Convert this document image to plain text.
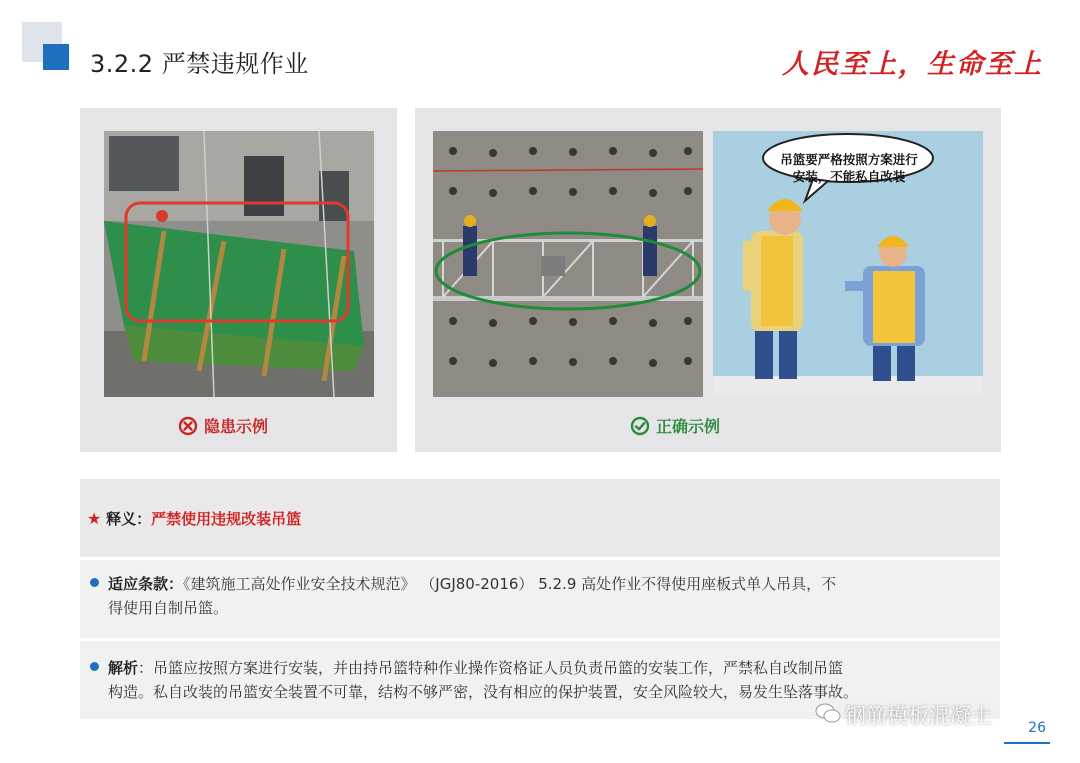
3.2.2 严禁违规作业	人民至上，生命至上
隐患示例
吊篮要严格按照方案进行
安装，不能私自改装
正确示例
★ 释义：严禁使用违规改装吊篮
适应条款：《建筑施工高处作业安全技术规范》 （JGJ80-2016） 5.2.9 高处作业不得使用座板式单人吊具，不
得使用自制吊篮。
解析：吊篮应按照方案进行安装，并由持吊篮特种作业操作资格证人员负责吊篮的安装工作，严禁私自改制吊篮
构造。私自改装的吊篮安全装置不可靠，结构不够严密，没有相应的保护装置，安全风险较大，易发生坠落事故。
钢筋模板混凝土	26
